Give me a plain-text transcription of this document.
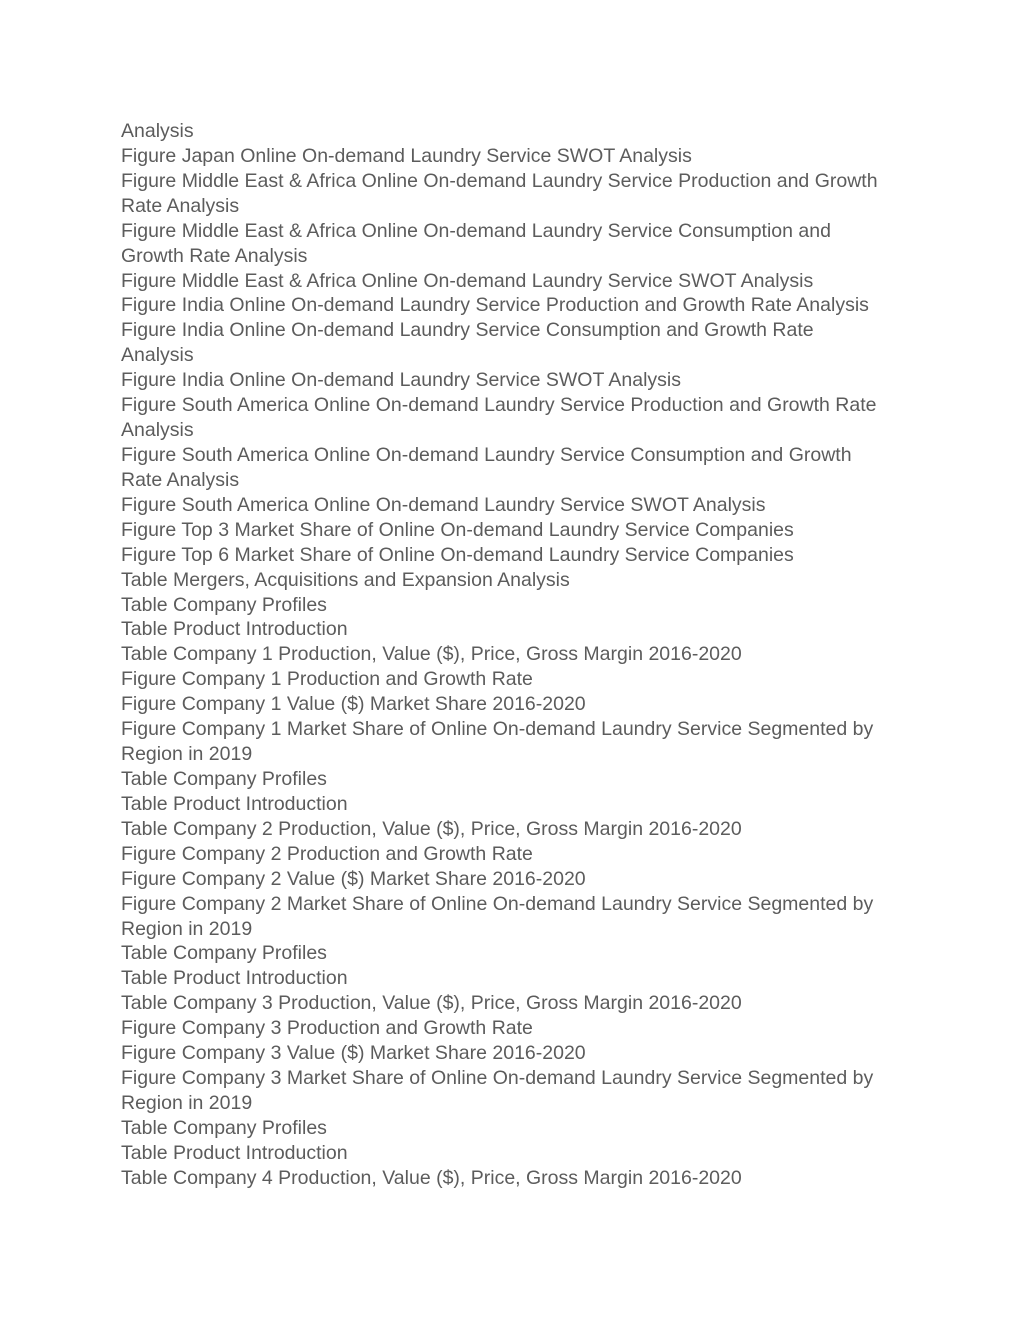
Analysis

Figure Japan Online On-demand Laundry Service SWOT Analysis

Figure Middle East & Africa Online On-demand Laundry Service Production and Growth

Rate Analysis

Figure Middle East & Africa Online On-demand Laundry Service Consumption and

Growth Rate Analysis

Figure Middle East & Africa Online On-demand Laundry Service SWOT Analysis

Figure India Online On-demand Laundry Service Production and Growth Rate Analysis

Figure India Online On-demand Laundry Service Consumption and Growth Rate

Analysis

Figure India Online On-demand Laundry Service SWOT Analysis

Figure South America Online On-demand Laundry Service Production and Growth Rate

Analysis

Figure South America Online On-demand Laundry Service Consumption and Growth

Rate Analysis

Figure South America Online On-demand Laundry Service SWOT Analysis

Figure Top 3 Market Share of Online On-demand Laundry Service Companies

Figure Top 6 Market Share of Online On-demand Laundry Service Companies

Table Mergers, Acquisitions and Expansion Analysis

Table Company Profiles

Table Product Introduction

Table Company 1 Production, Value ($), Price, Gross Margin 2016-2020

Figure Company 1 Production and Growth Rate

Figure Company 1 Value ($) Market Share 2016-2020

Figure Company 1 Market Share of Online On-demand Laundry Service Segmented by

Region in 2019

Table Company Profiles

Table Product Introduction

Table Company 2 Production, Value ($), Price, Gross Margin 2016-2020

Figure Company 2 Production and Growth Rate

Figure Company 2 Value ($) Market Share 2016-2020

Figure Company 2 Market Share of Online On-demand Laundry Service Segmented by

Region in 2019

Table Company Profiles

Table Product Introduction

Table Company 3 Production, Value ($), Price, Gross Margin 2016-2020

Figure Company 3 Production and Growth Rate

Figure Company 3 Value ($) Market Share 2016-2020

Figure Company 3 Market Share of Online On-demand Laundry Service Segmented by

Region in 2019

Table Company Profiles

Table Product Introduction

Table Company 4 Production, Value ($), Price, Gross Margin 2016-2020
